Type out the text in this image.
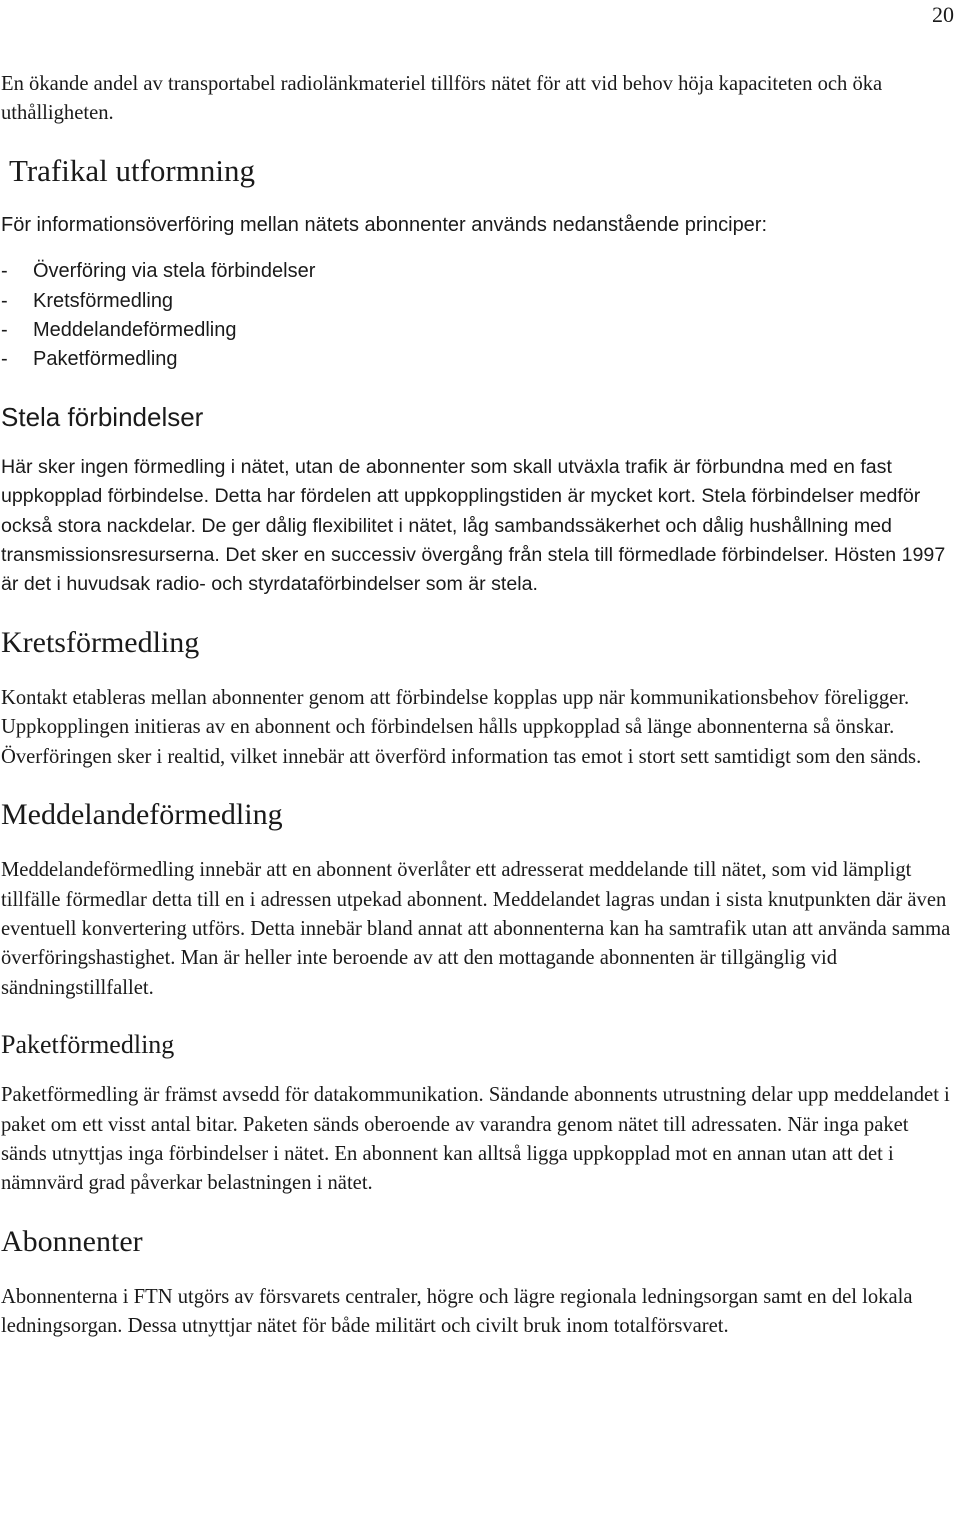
20

En ökande andel av transportabel radiolänkmateriel tillförs nätet för att vid behov höja kapaciteten och öka uthålligheten.

Trafikal utformning

För informationsöverföring mellan nätets abonnenter används nedanstående principer:

- Överföring via stela förbindelser
- Kretsförmedling
- Meddelandeförmedling
- Paketförmedling
Stela förbindelser

Här sker ingen förmedling i nätet, utan de abonnenter som skall utväxla trafik är förbundna med en fast uppkopplad förbindelse. Detta har fördelen att uppkopplingstiden är mycket kort. Stela förbindelser medför också stora nackdelar. De ger dålig flexibilitet i nätet, låg sambandssäkerhet och dålig hushållning med transmissionsresurserna. Det sker en successiv övergång från stela till förmedlade förbindelser. Hösten 1997 är det i huvudsak radio- och styrdataförbindelser som är stela.

Kretsförmedling

Kontakt etableras mellan abonnenter genom att förbindelse kopplas upp när kommunikationsbehov föreligger. Uppkopplingen initieras av en abonnent och förbindelsen hålls uppkopplad så länge abonnenterna så önskar. Överföringen sker i realtid, vilket innebär att överförd information tas emot i stort sett samtidigt som den sänds.

Meddelandeförmedling

Meddelandeförmedling innebär att en abonnent överlåter ett adresserat meddelande till nätet, som vid lämpligt tillfälle förmedlar detta till en i adressen utpekad abonnent. Meddelandet lagras undan i sista knutpunkten där även eventuell konvertering utförs. Detta innebär bland annat att abonnenterna kan ha samtrafik utan att använda samma överföringshastighet. Man är heller inte beroende av att den mottagande abonnenten är tillgänglig vid sändningstillfallet.

Paketförmedling

Paketförmedling är främst avsedd för datakommunikation. Sändande abonnents utrustning delar upp meddelandet i paket om ett visst antal bitar. Paketen sänds oberoende av varandra genom nätet till adressaten. När inga paket sänds utnyttjas inga förbindelser i nätet. En abonnent kan alltså ligga uppkopplad mot en annan utan att det i nämnvärd grad påverkar belastningen i nätet.

Abonnenter

Abonnenterna i FTN utgörs av försvarets centraler, högre och lägre regionala ledningsorgan samt en del lokala ledningsorgan. Dessa utnyttjar nätet för både militärt och civilt bruk inom totalförsvaret.
